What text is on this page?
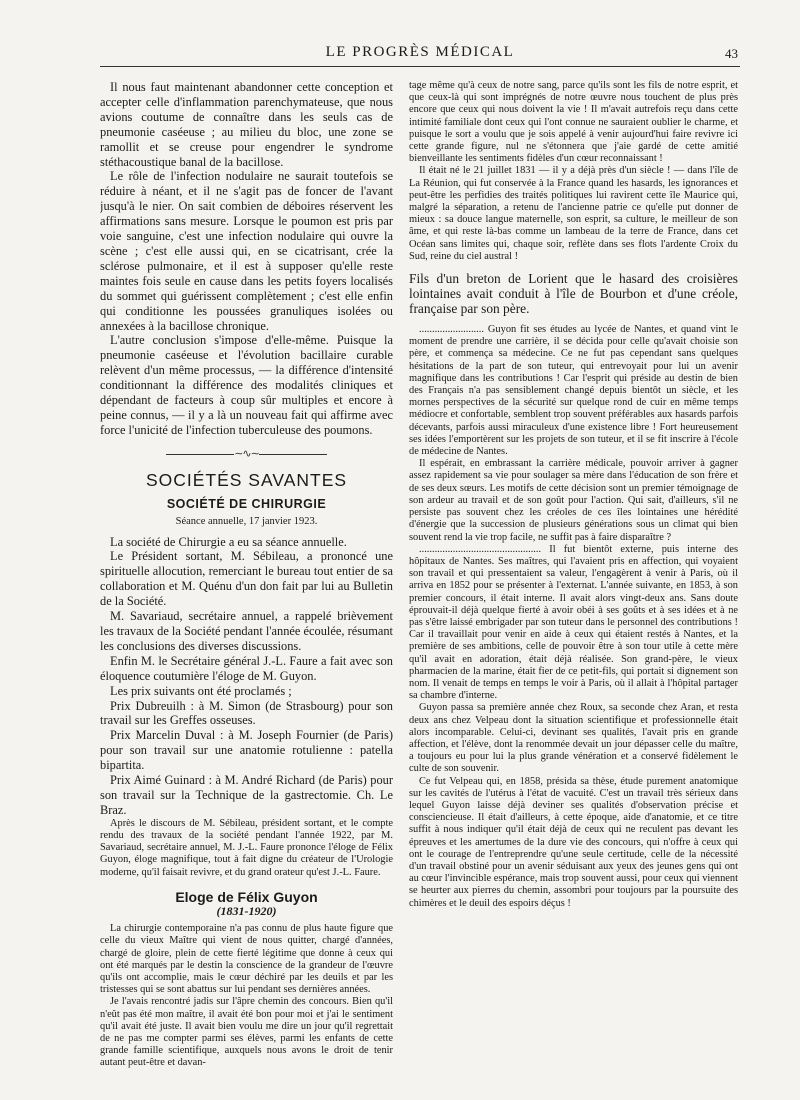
LE PROGRÈS MÉDICAL	43

Il nous faut maintenant abandonner cette conception et accepter celle d'inflammation parenchymateuse, que nous avions coutume de connaître dans les seuls cas de pneumonie caséeuse ; au milieu du bloc, une zone se ramollit et se creuse pour engendrer le syndrome stéthacoustique banal de la bacillose.

Le rôle de l'infection nodulaire ne saurait toutefois se réduire à néant, et il ne s'agit pas de foncer de l'avant jusqu'à le nier. On sait combien de déboires réservent les affirmations sans mesure. Lorsque le poumon est pris par voie sanguine, c'est une infection nodulaire qui ouvre la scène ; c'est elle aussi qui, en se cicatrisant, crée la sclérose pulmonaire, et il est à supposer qu'elle reste maintes fois seule en cause dans les petits foyers localisés du sommet qui guérissent complètement ; c'est elle enfin qui conditionne les poussées granuliques isolées ou annexées à la bacillose chronique.

L'autre conclusion s'impose d'elle-même. Puisque la pneumonie caséeuse et l'évolution bacillaire curable relèvent d'un même processus, — la différence d'intensité conditionnant la différence des modalités cliniques et dépendant de facteurs à coup sûr multiples et encore à peine connus, — il y a là un nouveau fait qui affirme avec force l'unicité de l'infection tuberculeuse des poumons.

∼∿∼
SOCIÉTÉS SAVANTES
SOCIÉTÉ DE CHIRURGIE
Séance annuelle, 17 janvier 1923.

La société de Chirurgie a eu sa séance annuelle.

Le Président sortant, M. Sébileau, a prononcé une spirituelle allocution, remerciant le bureau tout entier de sa collaboration et M. Quénu d'un don fait par lui au Bulletin de la Société.

M. Savariaud, secrétaire annuel, a rappelé brièvement les travaux de la Société pendant l'année écoulée, résumant les conclusions des diverses discussions.

Enfin M. le Secrétaire général J.-L. Faure a fait avec son éloquence coutumière l'éloge de M. Guyon.

Les prix suivants ont été proclamés ;

Prix Dubreuilh : à M. Simon (de Strasbourg) pour son travail sur les Greffes osseuses.

Prix Marcelin Duval : à M. Joseph Fournier (de Paris) pour son travail sur une anatomie rotulienne : patella bipartita.

Prix Aimé Guinard : à M. André Richard (de Paris) pour son travail sur la Technique de la gastrectomie. Ch. Le Braz.

Après le discours de M. Sébileau, président sortant, et le compte rendu des travaux de la société pendant l'année 1922, par M. Savariaud, secrétaire annuel, M. J.-L. Faure prononce l'éloge de Félix Guyon, éloge magnifique, tout à fait digne du créateur de l'Urologie moderne, qu'il faisait revivre, et du grand orateur qu'est J.-L. Faure.

Eloge de Félix Guyon
(1831-1920)

La chirurgie contemporaine n'a pas connu de plus haute figure que celle du vieux Maître qui vient de nous quitter, chargé d'années, chargé de gloire, plein de cette fierté légitime que donne à ceux qui ont été marqués par le destin la conscience de la grandeur de l'œuvre qu'ils ont accomplie, mais le cœur déchiré par les deuils et par les tristesses qui se sont abattus sur lui pendant ses dernières années.

Je l'avais rencontré jadis sur l'âpre chemin des concours. Bien qu'il n'eût pas été mon maître, il avait été bon pour moi et j'ai le sentiment qu'il avait été juste. Il avait bien voulu me dire un jour qu'il regrettait de ne pas me compter parmi ses élèves, parmi les enfants de cette grande famille scientifique, auxquels nous avons le droit de tenir autant peut-être et davan-

tage même qu'à ceux de notre sang, parce qu'ils sont les fils de notre esprit, et que ceux-là qui sont imprégnés de notre œuvre nous touchent de plus près encore que ceux qui nous doivent la vie ! Il m'avait autrefois reçu dans cette intimité familiale dont ceux qui l'ont connue ne sauraient oublier le charme, et puisque le sort a voulu que je sois appelé à venir aujourd'hui faire revivre ici cette grande figure, nul ne s'étonnera que j'aie gardé de cette amitié bienveillante les sentiments fidèles d'un cœur reconnaissant !

Il était né le 21 juillet 1831 — il y a déjà près d'un siècle ! — dans l'île de La Réunion, qui fut conservée à la France quand les hasards, les ignorances et peut-être les perfidies des traités politiques lui ravirent cette île Maurice qui, malgré la séparation, a retenu de l'ancienne patrie ce qu'elle put donner de mieux : sa douce langue maternelle, son esprit, sa culture, le meilleur de son âme, et qui reste là-bas comme un lambeau de la terre de France, dans cet Océan sans limites qui, chaque soir, reflète dans ses flots l'ardente Croix du Sud, reine du ciel austral !

Fils d'un breton de Lorient que le hasard des croisières lointaines avait conduit à l'île de Bourbon et d'une créole, française par son père.

......................... Guyon fit ses études au lycée de Nantes, et quand vint le moment de prendre une carrière, il se décida pour celle qu'avait choisie son père, et commença sa médecine. Ce ne fut pas cependant sans quelques hésitations de la part de son tuteur, qui entrevoyait pour lui un avenir magnifique dans les contributions ! Car l'esprit qui préside au destin de bien des Français n'a pas sensiblement changé depuis bientôt un siècle, et les mornes perspectives de la sécurité sur quelque rond de cuir en même temps médiocre et confortable, semblent trop souvent préférables aux hasards parfois décevants, parfois aussi miraculeux d'une existence libre ! Fort heureusement ses idées l'emportèrent sur les projets de son tuteur, et il se fit inscrire à l'école de médecine de Nantes.

Il espérait, en embrassant la carrière médicale, pouvoir arriver à gagner assez rapidement sa vie pour soulager sa mère dans l'éducation de son frère et de ses deux sœurs. Les motifs de cette décision sont un premier témoignage de son ardeur au travail et de son goût pour l'action. Qui sait, d'ailleurs, s'il ne persiste pas souvent chez les créoles de ces îles lointaines une hérédité d'énergie que la succession de plusieurs générations sous un climat qui bien souvent rend la vie trop facile, ne suffit pas à faire disparaître ?

............................................... Il fut bientôt externe, puis interne des hôpitaux de Nantes. Ses maîtres, qui l'avaient pris en affection, qui voyaient son travail et qui pressentaient sa valeur, l'engagèrent à venir à Paris, où il arriva en 1852 pour se présenter à l'externat. L'année suivante, en 1853, à son premier concours, il était interne. Il avait alors vingt-deux ans. Sans doute éprouvait-il déjà quelque fierté à avoir obéi à ses goûts et à ses idées et à ne pas s'être laissé embrigader par son tuteur dans le personnel des contributions ! Car il travaillait pour venir en aide à ceux qui étaient restés à Nantes, et la première de ses ambitions, celle de pouvoir être à son tour utile à cette mère qu'il avait en adoration, était déjà réalisée. Son grand-père, le vieux pharmacien de la marine, était fier de ce petit-fils, qui portait si dignement son nom. Il venait de temps en temps le voir à Paris, où il allait à l'hôpital partager sa chambre d'interne.

Guyon passa sa première année chez Roux, sa seconde chez Aran, et resta deux ans chez Velpeau dont la situation scientifique et professionnelle était alors incomparable. Celui-ci, devinant ses qualités, l'avait pris en grande affection, et l'élève, dont la renommée devait un jour dépasser celle du maître, a toujours eu pour lui la plus grande vénération et a conservé fidèlement le culte de son souvenir.

Ce fut Velpeau qui, en 1858, présida sa thèse, étude purement anatomique sur les cavités de l'utérus à l'état de vacuité. C'est un travail très sérieux dans lequel Guyon laisse déjà deviner ses qualités d'observation précise et consciencieuse. Il était d'ailleurs, à cette époque, aide d'anatomie, et ce titre suffit à nous indiquer qu'il était déjà de ceux qui ne reculent pas devant les épreuves et les amertumes de la dure vie des concours, qui n'offre à ceux qui ont le courage de l'entreprendre qu'une seule certitude, celle de la nécessité d'un travail obstiné pour un avenir séduisant aux yeux des jeunes gens qui ont au cœur l'invincible espérance, mais trop souvent aussi, pour ceux qui viennent se heurter aux pierres du chemin, assombri pour toujours par la poursuite des chimères et le deuil des espoirs déçus !
